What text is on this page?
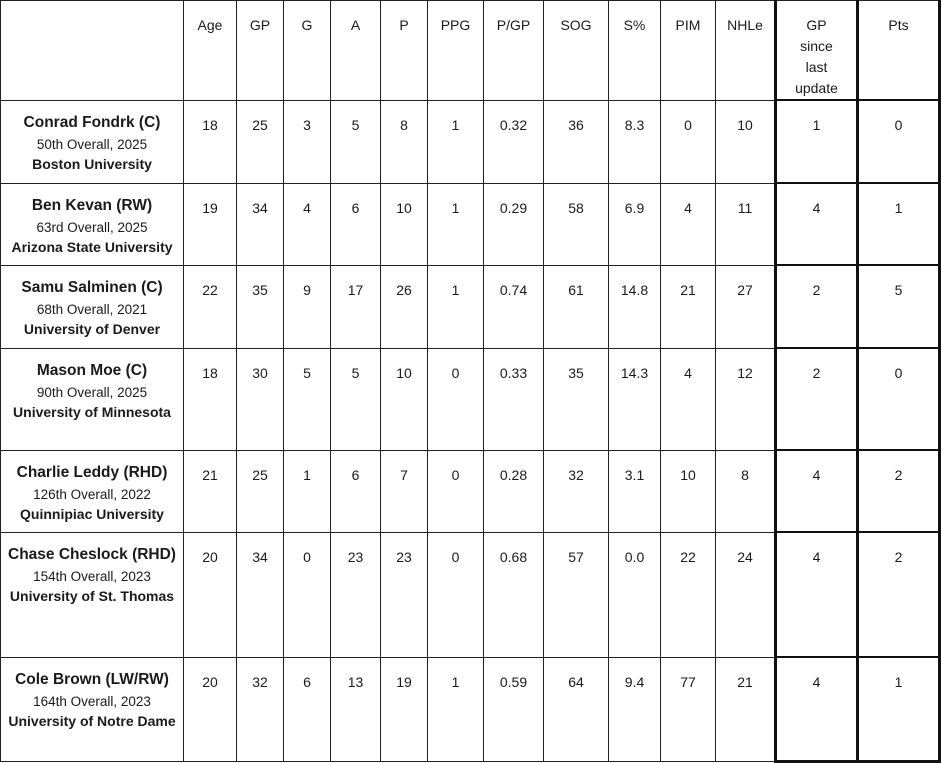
	Age	GP	G	A	P	PPG	P/GP	SOG	S%	PIM	NHLe	GP since last update	Pts

Conrad Fondrk (C)
50th Overall, 2025
Boston University	18	25	3	5	8	1	0.32	36	8.3	0	10	1	0

Ben Kevan (RW)
63rd Overall, 2025
Arizona State University	19	34	4	6	10	1	0.29	58	6.9	4	11	4	1

Samu Salminen (C)
68th Overall, 2021
University of Denver	22	35	9	17	26	1	0.74	61	14.8	21	27	2	5

Mason Moe (C)
90th Overall, 2025
University of Minnesota	18	30	5	5	10	0	0.33	35	14.3	4	12	2	0

Charlie Leddy (RHD)
126th Overall, 2022
Quinnipiac University	21	25	1	6	7	0	0.28	32	3.1	10	8	4	2

Chase Cheslock (RHD)
154th Overall, 2023
University of St. Thomas	20	34	0	23	23	0	0.68	57	0.0	22	24	4	2

Cole Brown (LW/RW)
164th Overall, 2023
University of Notre Dame	20	32	6	13	19	1	0.59	64	9.4	77	21	4	1
